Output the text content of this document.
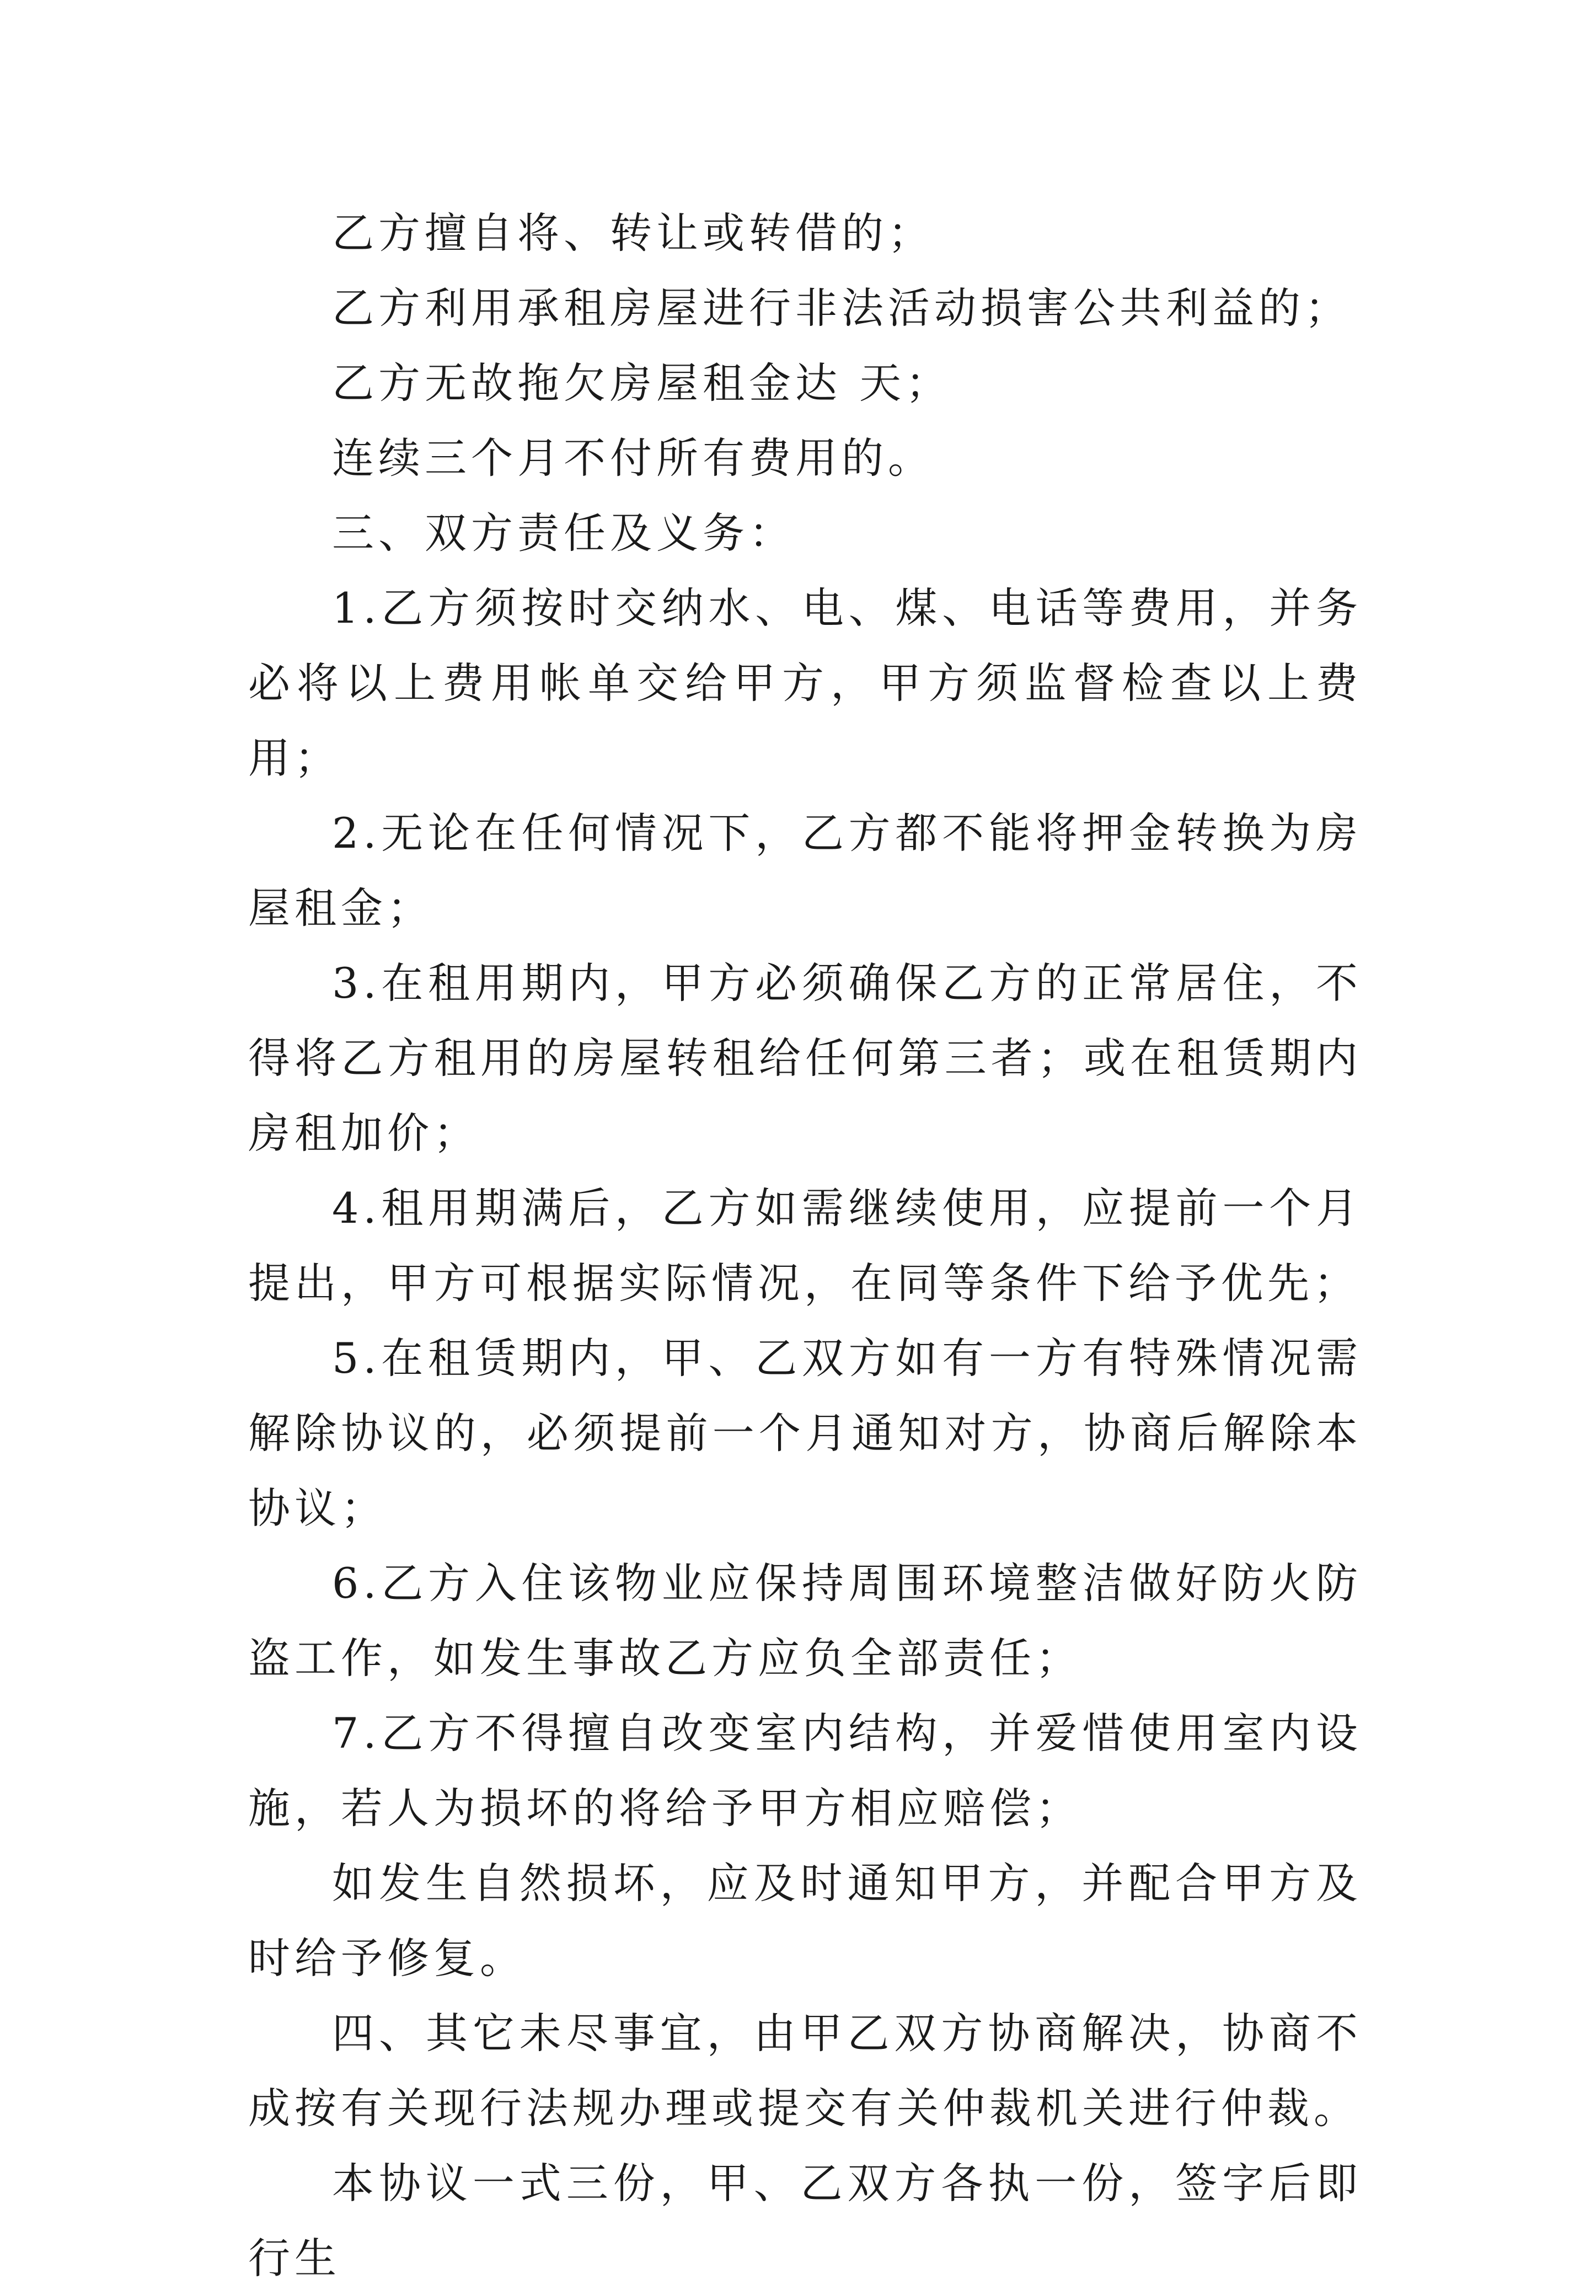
乙方擅自将、转让或转借的；

乙方利用承租房屋进行非法活动损害公共利益的；

乙方无故拖欠房屋租金达 天；

连续三个月不付所有费用的。

三、双方责任及义务：

1.乙方须按时交纳水、电、煤、电话等费用，并务必将以上费用帐单交给甲方，甲方须监督检查以上费用；

2.无论在任何情况下，乙方都不能将押金转换为房屋租金；

3.在租用期内，甲方必须确保乙方的正常居住，不得将乙方租用的房屋转租给任何第三者；或在租赁期内房租加价；

4.租用期满后，乙方如需继续使用，应提前一个月提出，甲方可根据实际情况，在同等条件下给予优先；

5.在租赁期内，甲、乙双方如有一方有特殊情况需解除协议的，必须提前一个月通知对方，协商后解除本协议；

6.乙方入住该物业应保持周围环境整洁做好防火防盗工作，如发生事故乙方应负全部责任；

7.乙方不得擅自改变室内结构，并爱惜使用室内设施，若人为损坏的将给予甲方相应赔偿；

如发生自然损坏，应及时通知甲方，并配合甲方及时给予修复。

四、其它未尽事宜，由甲乙双方协商解决，协商不成按有关现行法规办理或提交有关仲裁机关进行仲裁。

本协议一式三份，甲、乙双方各执一份，签字后即行生
